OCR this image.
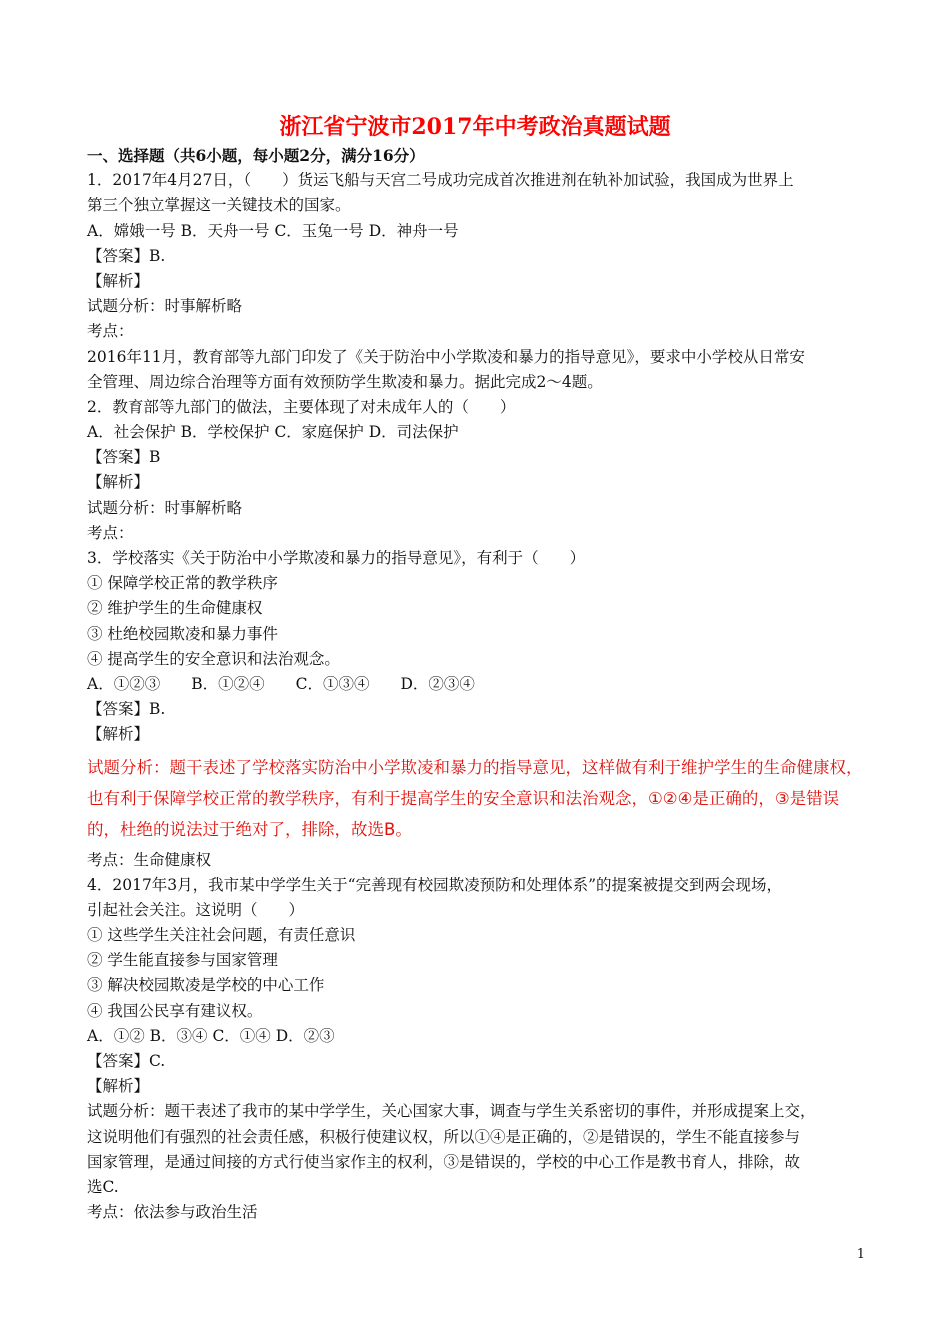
浙江省宁波市2017年中考政治真题试题
一、选择题（共6小题，每小题2分，满分16分）
1．2017年4月27日，（　　）货运飞船与天宫二号成功完成首次推进剂在轨补加试验，我国成为世界上
第三个独立掌握这一关键技术的国家。
A．嫦娥一号 B．天舟一号 C．玉兔一号 D．神舟一号
【答案】B.
【解析】
试题分析：时事解析略
考点：
2016年11月，教育部等九部门印发了《关于防治中小学欺凌和暴力的指导意见》，要求中小学校从日常安
全管理、周边综合治理等方面有效预防学生欺凌和暴力。据此完成2～4题。
2．教育部等九部门的做法，主要体现了对未成年人的（　　）
A．社会保护 B．学校保护 C．家庭保护 D．司法保护
【答案】B
【解析】
试题分析：时事解析略
考点：
3．学校落实《关于防治中小学欺凌和暴力的指导意见》，有利于（　　）
① 保障学校正常的教学秩序
② 维护学生的生命健康权
③ 杜绝校园欺凌和暴力事件
④ 提高学生的安全意识和法治观念。
A．①②③　　B．①②④　　C．①③④　　D．②③④
【答案】B.
【解析】
试题分析：题干表述了学校落实防治中小学欺凌和暴力的指导意见，这样做有利于维护学生的生命健康权，
也有利于保障学校正常的教学秩序，有利于提高学生的安全意识和法治观念，①②④是正确的，③是错误
的，杜绝的说法过于绝对了，排除，故选B。
考点：生命健康权
4．2017年3月，我市某中学学生关于“完善现有校园欺凌预防和处理体系”的提案被提交到两会现场，
引起社会关注。这说明（　　）
① 这些学生关注社会问题，有责任意识
② 学生能直接参与国家管理
③ 解决校园欺凌是学校的中心工作
④ 我国公民享有建议权。
A．①② B．③④ C．①④ D．②③
【答案】C.
【解析】
试题分析：题干表述了我市的某中学学生，关心国家大事，调查与学生关系密切的事件，并形成提案上交，
这说明他们有强烈的社会责任感，积极行使建议权，所以①④是正确的，②是错误的，学生不能直接参与
国家管理，是通过间接的方式行使当家作主的权利，③是错误的，学校的中心工作是教书育人，排除，故
选C.
考点：依法参与政治生活
1
